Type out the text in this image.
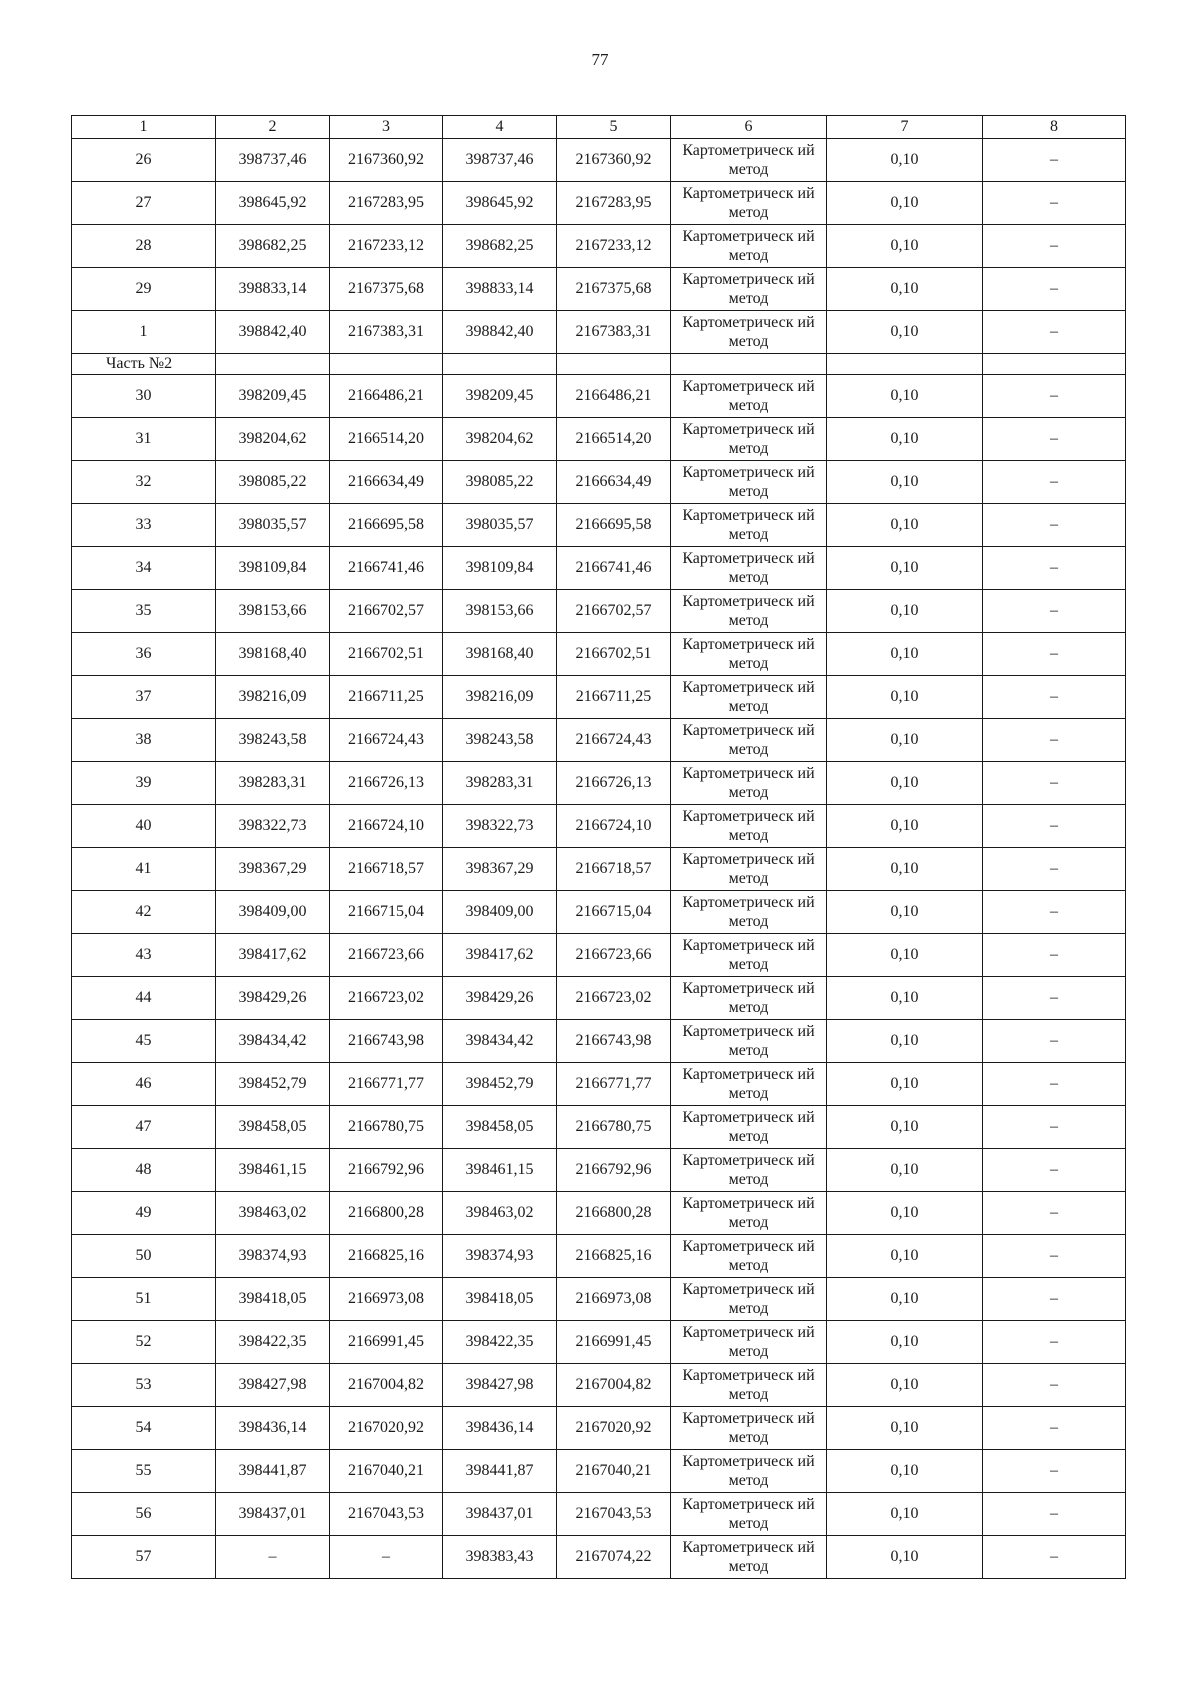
77
1	2	3	4	5	6	7	8
26	398737,46	2167360,92	398737,46	2167360,92	Картометрическ ий метод	0,10	–
27	398645,92	2167283,95	398645,92	2167283,95	Картометрическ ий метод	0,10	–
28	398682,25	2167233,12	398682,25	2167233,12	Картометрическ ий метод	0,10	–
29	398833,14	2167375,68	398833,14	2167375,68	Картометрическ ий метод	0,10	–
1	398842,40	2167383,31	398842,40	2167383,31	Картометрическ ий метод	0,10	–
Часть №2							
30	398209,45	2166486,21	398209,45	2166486,21	Картометрическ ий метод	0,10	–
31	398204,62	2166514,20	398204,62	2166514,20	Картометрическ ий метод	0,10	–
32	398085,22	2166634,49	398085,22	2166634,49	Картометрическ ий метод	0,10	–
33	398035,57	2166695,58	398035,57	2166695,58	Картометрическ ий метод	0,10	–
34	398109,84	2166741,46	398109,84	2166741,46	Картометрическ ий метод	0,10	–
35	398153,66	2166702,57	398153,66	2166702,57	Картометрическ ий метод	0,10	–
36	398168,40	2166702,51	398168,40	2166702,51	Картометрическ ий метод	0,10	–
37	398216,09	2166711,25	398216,09	2166711,25	Картометрическ ий метод	0,10	–
38	398243,58	2166724,43	398243,58	2166724,43	Картометрическ ий метод	0,10	–
39	398283,31	2166726,13	398283,31	2166726,13	Картометрическ ий метод	0,10	–
40	398322,73	2166724,10	398322,73	2166724,10	Картометрическ ий метод	0,10	–
41	398367,29	2166718,57	398367,29	2166718,57	Картометрическ ий метод	0,10	–
42	398409,00	2166715,04	398409,00	2166715,04	Картометрическ ий метод	0,10	–
43	398417,62	2166723,66	398417,62	2166723,66	Картометрическ ий метод	0,10	–
44	398429,26	2166723,02	398429,26	2166723,02	Картометрическ ий метод	0,10	–
45	398434,42	2166743,98	398434,42	2166743,98	Картометрическ ий метод	0,10	–
46	398452,79	2166771,77	398452,79	2166771,77	Картометрическ ий метод	0,10	–
47	398458,05	2166780,75	398458,05	2166780,75	Картометрическ ий метод	0,10	–
48	398461,15	2166792,96	398461,15	2166792,96	Картометрическ ий метод	0,10	–
49	398463,02	2166800,28	398463,02	2166800,28	Картометрическ ий метод	0,10	–
50	398374,93	2166825,16	398374,93	2166825,16	Картометрическ ий метод	0,10	–
51	398418,05	2166973,08	398418,05	2166973,08	Картометрическ ий метод	0,10	–
52	398422,35	2166991,45	398422,35	2166991,45	Картометрическ ий метод	0,10	–
53	398427,98	2167004,82	398427,98	2167004,82	Картометрическ ий метод	0,10	–
54	398436,14	2167020,92	398436,14	2167020,92	Картометрическ ий метод	0,10	–
55	398441,87	2167040,21	398441,87	2167040,21	Картометрическ ий метод	0,10	–
56	398437,01	2167043,53	398437,01	2167043,53	Картометрическ ий метод	0,10	–
57	–	–	398383,43	2167074,22	Картометрическ ий метод	0,10	–
